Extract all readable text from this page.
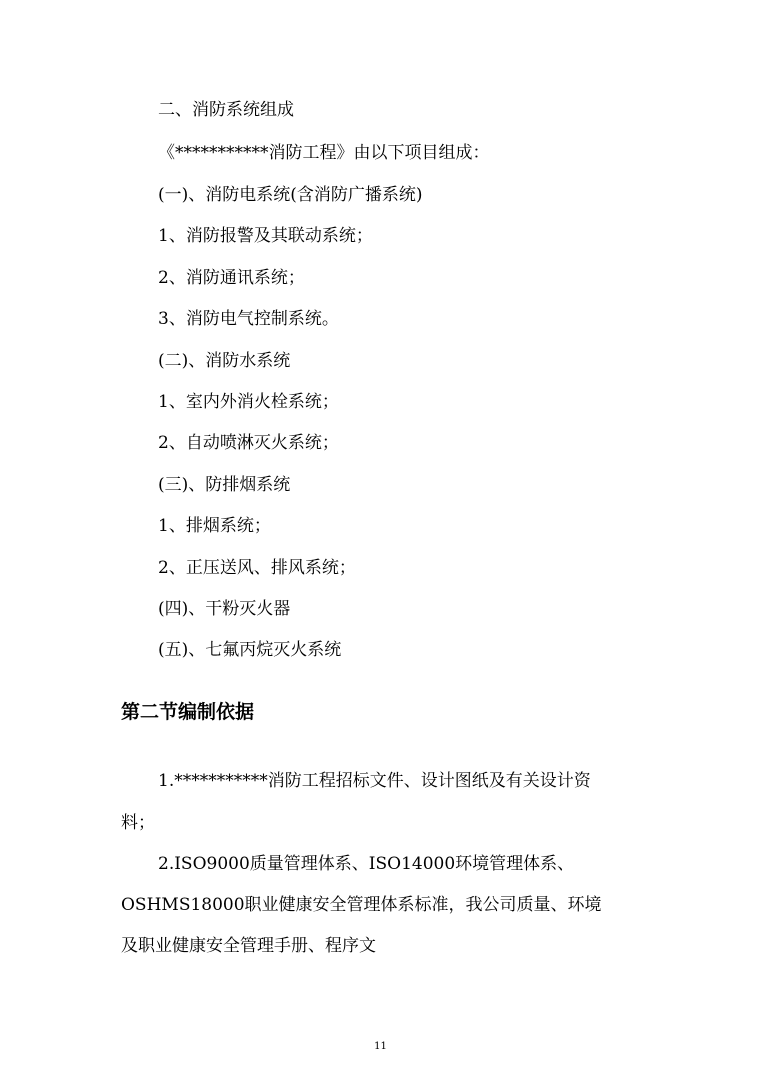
二、消防系统组成
《***********消防工程》由以下项目组成：
(一)、消防电系统(含消防广播系统)
1、消防报警及其联动系统；
2、消防通讯系统；
3、消防电气控制系统。
(二)、消防水系统
1、室内外消火栓系统；
2、自动喷淋灭火系统；
(三)、防排烟系统
1、排烟系统；
2、正压送风、排风系统；
(四)、干粉灭火器
(五)、七氟丙烷灭火系统
第二节编制依据
1.***********消防工程招标文件、设计图纸及有关设计资
料；
2.ISO9000质量管理体系、ISO14000环境管理体系、
OSHMS18000职业健康安全管理体系标准，我公司质量、环境
及职业健康安全管理手册、程序文
11
